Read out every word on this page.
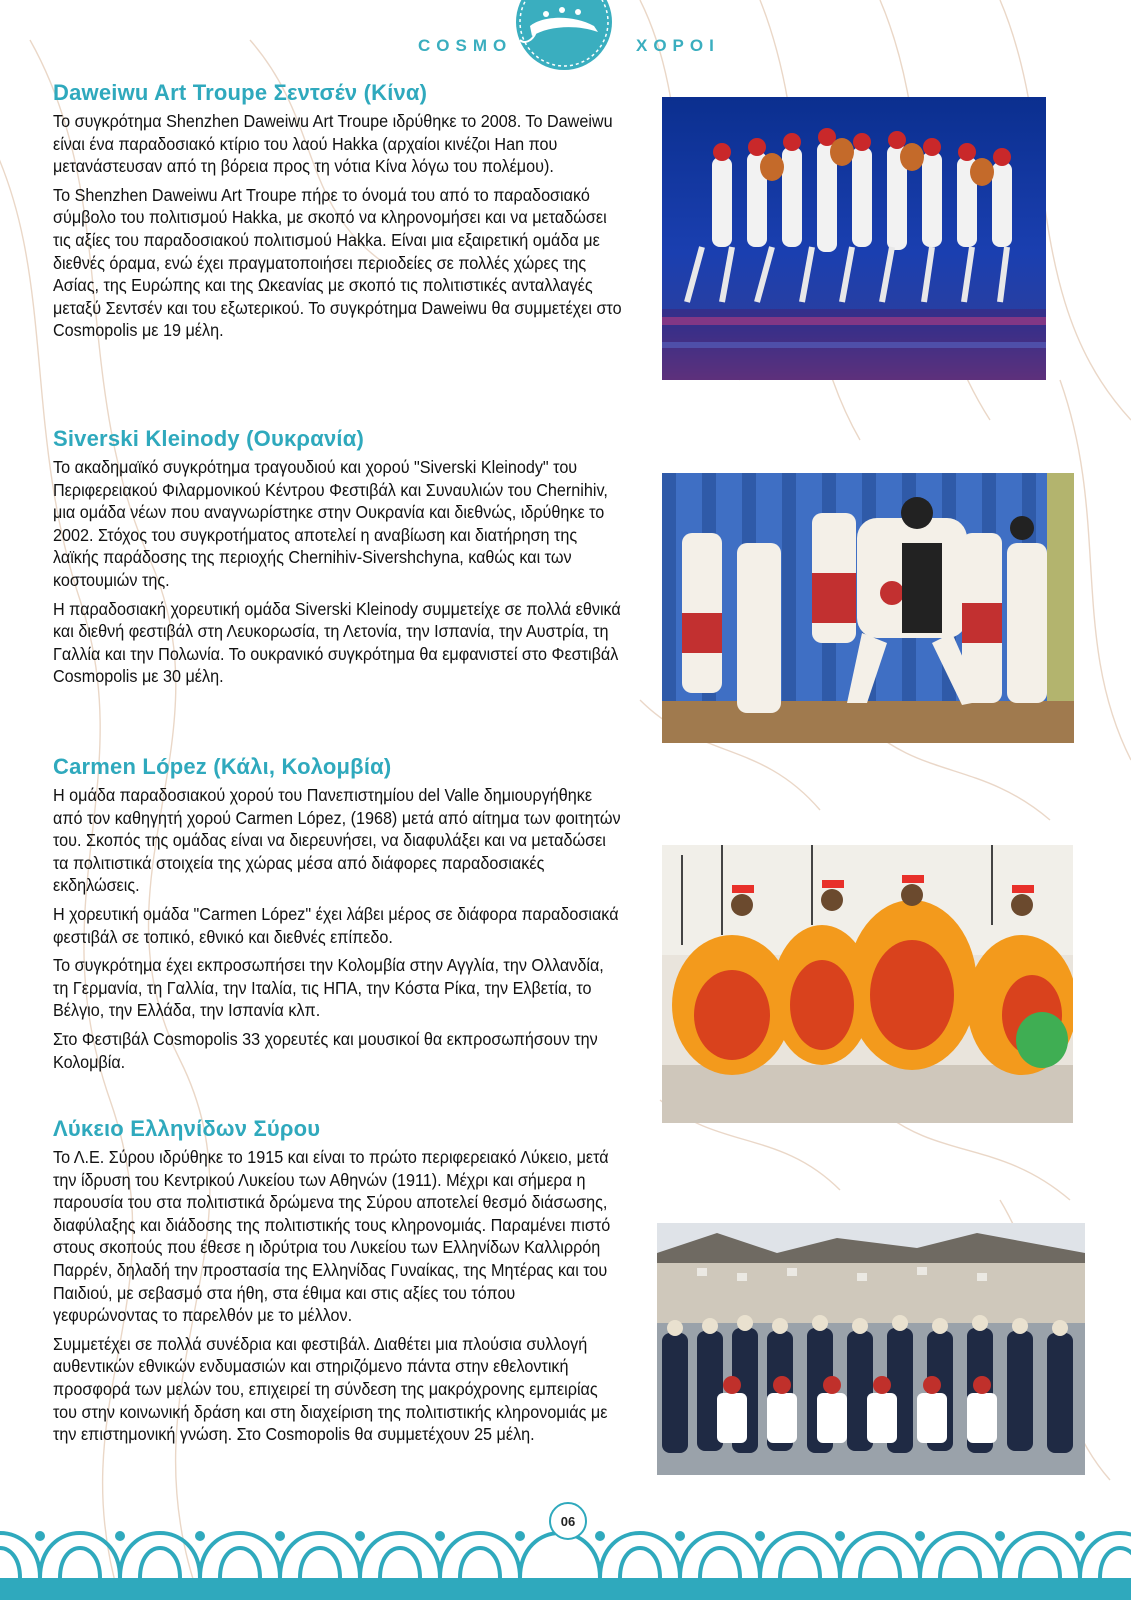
COSMO	ΧΟΡΟΙ
Daweiwu Art Troupe Σεντσέν (Κίνα)

Το συγκρότημα Shenzhen Daweiwu Art Troupe ιδρύθηκε το 2008. Το Daweiwu είναι ένα παραδοσιακό κτίριο του λαού Hakka (αρχαίοι κινέζοι Han που μετανάστευσαν από τη βόρεια προς τη νότια Κίνα λόγω του πολέμου).

Το Shenzhen Daweiwu Art Troupe πήρε το όνομά του από το παραδοσιακό σύμβολο του πολιτισμού Hakka, με σκοπό να κληρονομήσει και να μεταδώσει τις αξίες του παραδοσιακού πολιτισμού Hakka. Είναι μια εξαιρετική ομάδα με διεθνές όραμα, ενώ έχει πραγματοποιήσει περιοδείες σε πολλές χώρες της Ασίας, της Ευρώπης και της Ωκεανίας με σκοπό τις πολιτιστικές ανταλλαγές μεταξύ Σεντσέν και του εξωτερικού. Το συγκρότημα Daweiwu θα συμμετέχει στο Cosmopolis με 19 μέλη.

Siverski Kleinody (Ουκρανία)

Το ακαδημαϊκό συγκρότημα τραγουδιού και χορού "Siverski Kleinody" του Περιφερειακού Φιλαρμονικού Κέντρου Φεστιβάλ και Συναυλιών του Chernihiv, μια ομάδα νέων που αναγνωρίστηκε στην Ουκρανία και διεθνώς, ιδρύθηκε το 2002. Στόχος του συγκροτήματος αποτελεί η αναβίωση και διατήρηση της λαϊκής παράδοσης της περιοχής Chernihiv-Sivershchyna, καθώς και των κοστουμιών της.

Η παραδοσιακή χορευτική ομάδα Siverski Kleinody συμμετείχε σε πολλά εθνικά και διεθνή φεστιβάλ στη Λευκορωσία, τη Λετονία, την Ισπανία, την Αυστρία, τη Γαλλία και την Πολωνία. Το ουκρανικό συγκρότημα θα εμφανιστεί στο Φεστιβάλ Cosmopolis με 30 μέλη.

Carmen López (Κάλι, Κολομβία)

Η ομάδα παραδοσιακού χορού του Πανεπιστημίου del Valle δημιουργήθηκε από τον καθηγητή χορού Carmen López, (1968) μετά από αίτημα των φοιτητών του. Σκοπός της ομάδας είναι να διερευνήσει, να διαφυλάξει και να μεταδώσει τα πολιτιστικά στοιχεία της χώρας μέσα από διάφορες παραδοσιακές εκδηλώσεις.

Η χορευτική ομάδα "Carmen López" έχει λάβει μέρος σε διάφορα παραδοσιακά φεστιβάλ σε τοπικό, εθνικό και διεθνές επίπεδο.

Το συγκρότημα έχει εκπροσωπήσει την Κολομβία στην Αγγλία, την Ολλανδία, τη Γερμανία, τη Γαλλία, την Ιταλία, τις ΗΠΑ, την Κόστα Ρίκα, την Ελβετία, το Βέλγιο, την Ελλάδα, την Ισπανία κλπ.

Στο Φεστιβάλ Cosmopolis 33 χορευτές και μουσικοί θα εκπροσωπήσουν την Κολομβία.

Λύκειο Ελληνίδων Σύρου

Το Λ.Ε. Σύρου ιδρύθηκε το 1915 και είναι το πρώτο περιφερειακό Λύκειο, μετά την ίδρυση του Κεντρικού Λυκείου των Αθηνών (1911). Μέχρι και σήμερα η παρουσία του στα πολιτιστικά δρώμενα της Σύρου αποτελεί θεσμό διάσωσης, διαφύλαξης και διάδοσης της πολιτιστικής τους κληρονομιάς. Παραμένει πιστό στους σκοπούς που έθεσε η ιδρύτρια του Λυκείου των Ελληνίδων Καλλιρρόη Παρρέν, δηλαδή την προστασία της Ελληνίδας Γυναίκας, της Μητέρας και του Παιδιού, με σεβασμό στα ήθη, στα έθιμα και στις αξίες του τόπου γεφυρώνοντας το παρελθόν με το μέλλον.

Συμμετέχει σε πολλά συνέδρια και φεστιβάλ. Διαθέτει μια πλούσια συλλογή αυθεντικών εθνικών ενδυμασιών και στηριζόμενο πάντα στην εθελοντική προσφορά των μελών του, επιχειρεί τη σύνδεση της μακρόχρονης εμπειρίας του στην κοινωνική δράση και στη διαχείριση της πολιτιστικής κληρονομιάς με την επιστημονική γνώση. Στο Cosmopolis θα συμμετέχουν 25 μέλη.

06
